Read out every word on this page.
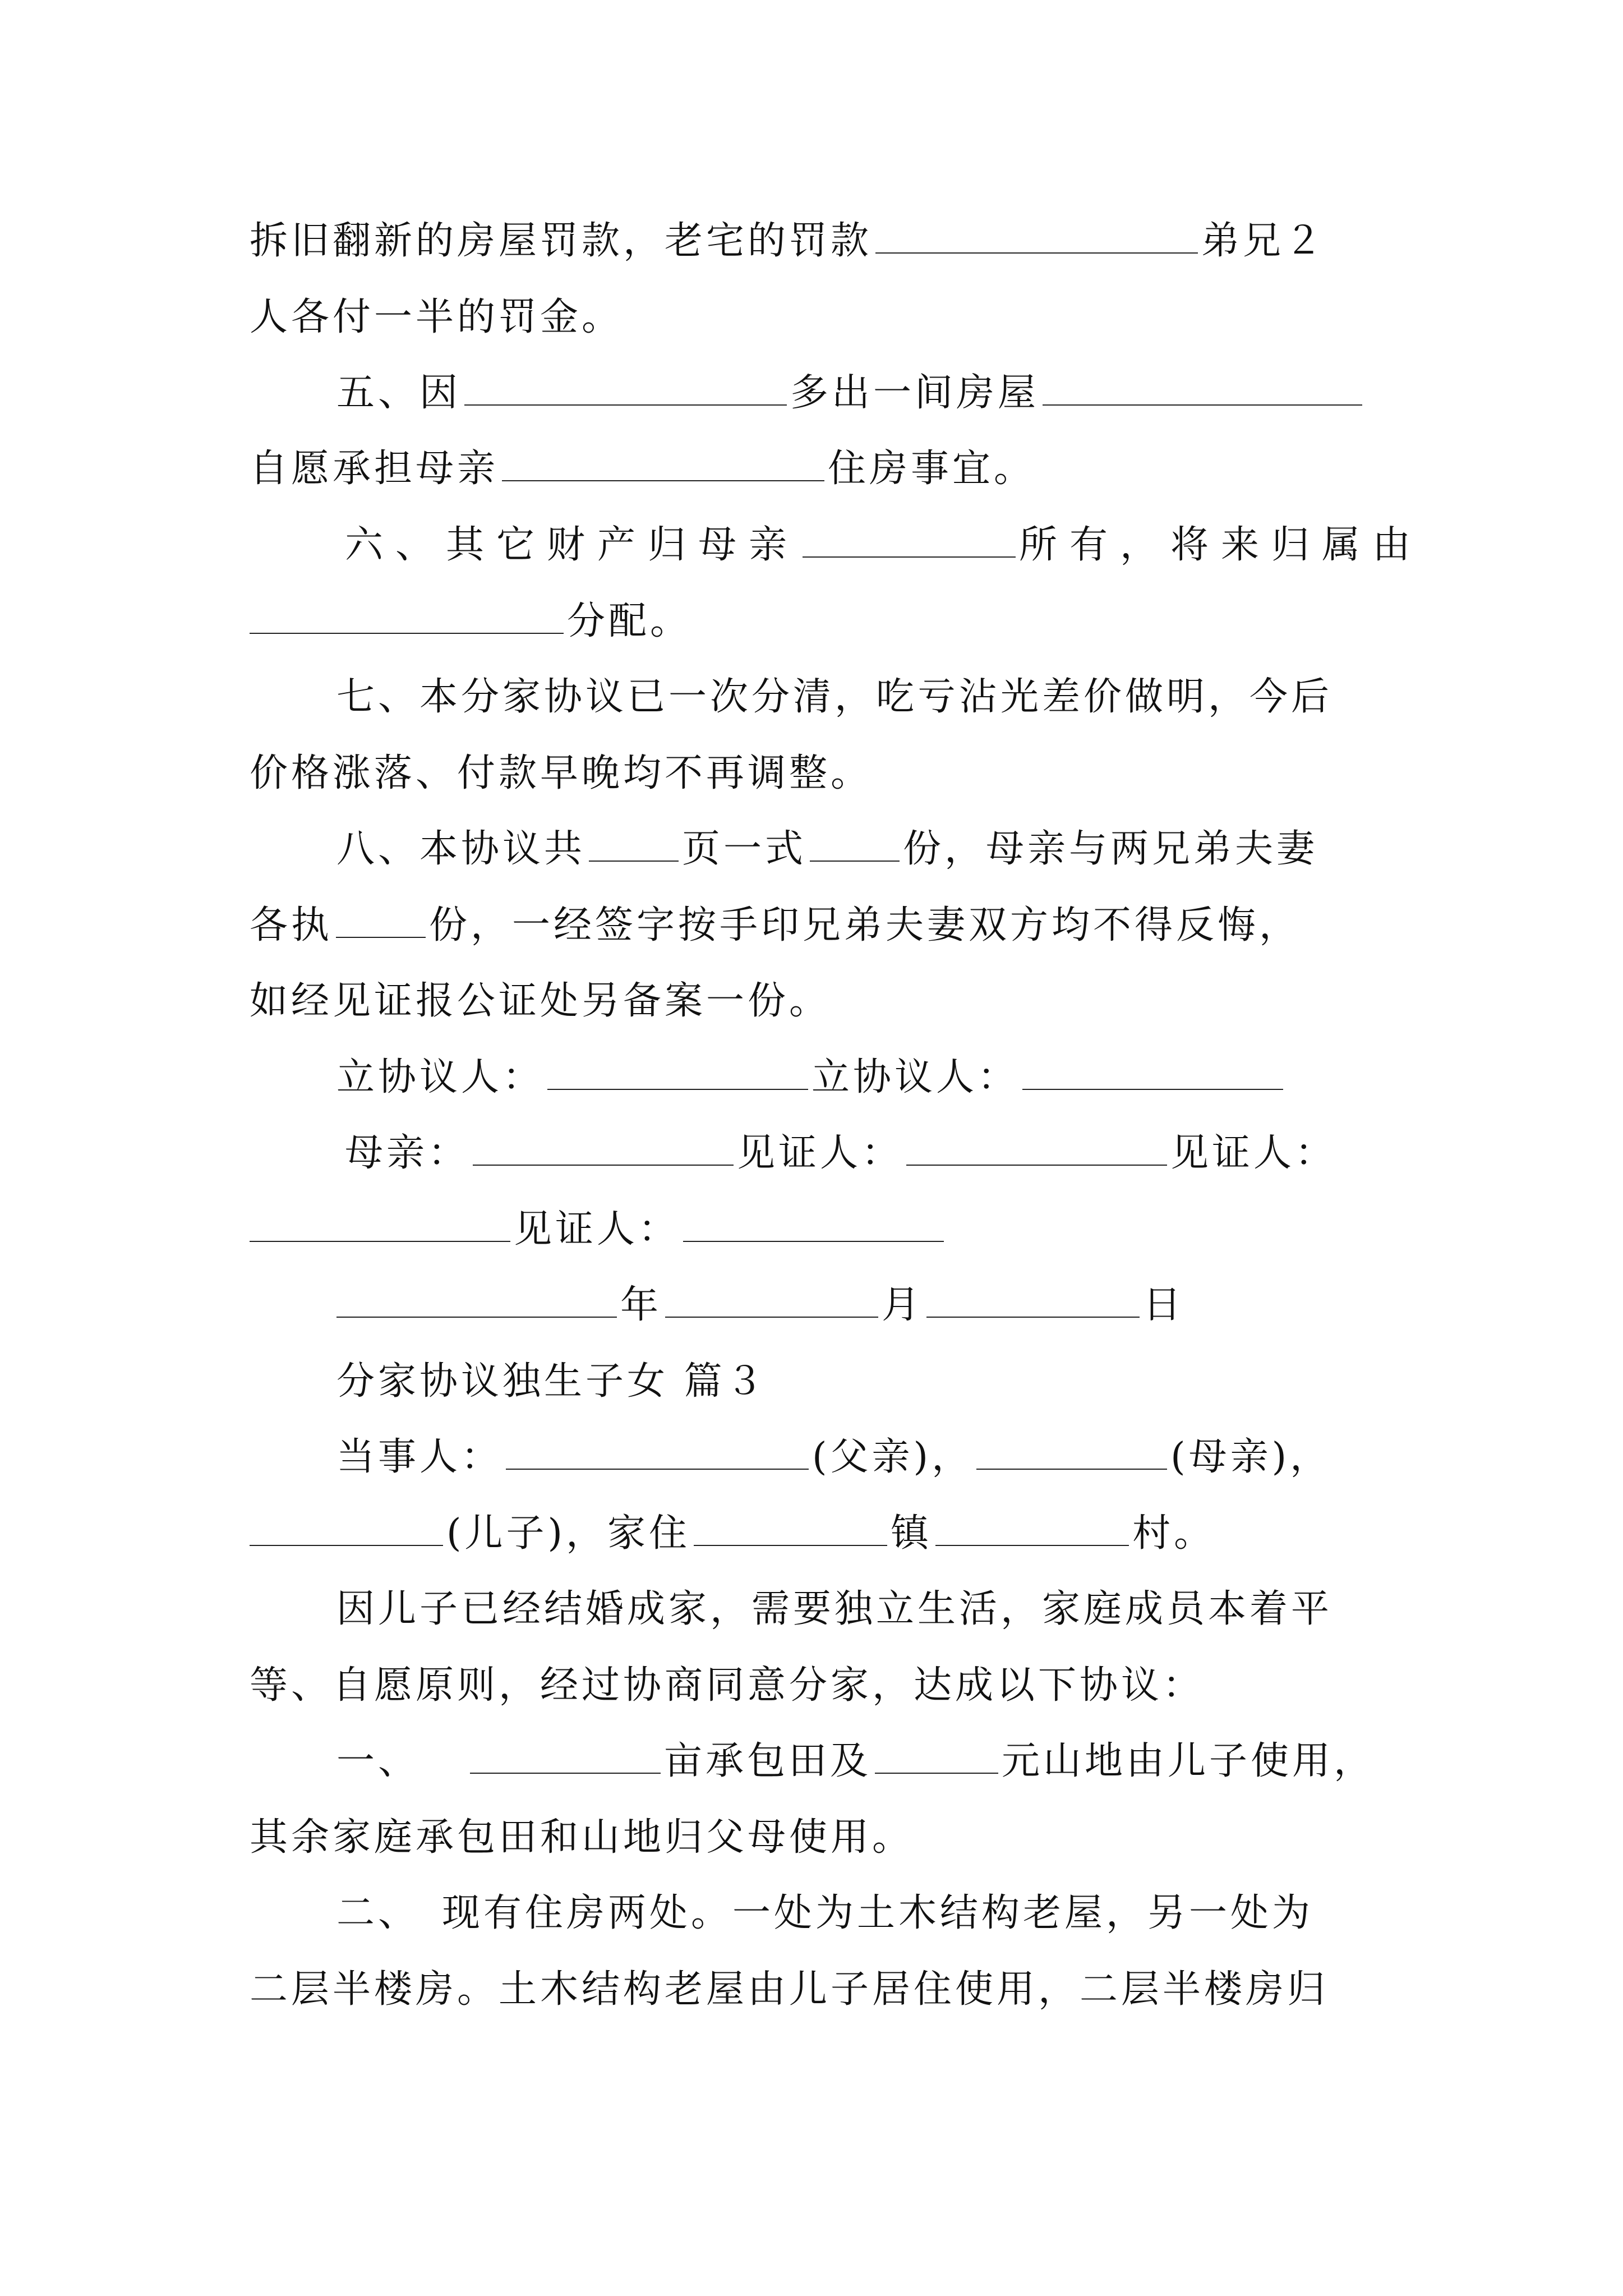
拆旧翻新的房屋罚款，老宅的罚款	弟兄２
人各付一半的罚金。
五、因	多出一间房屋
自愿承担母亲	住房事宜。
六、其它财产归母亲	所有，将来归属由
分配。
七、本分家协议已一次分清，吃亏沾光差价做明，今后
价格涨落、付款早晚均不再调整。
八、本协议共	页一式	份，母亲与两兄弟夫妻
各执	份，一经签字按手印兄弟夫妻双方均不得反悔，
如经见证报公证处另备案一份。
立协议人：	立协议人：
母亲：	见证人：	见证人：
见证人：
年	月	日
分家协议独生子女 篇３
当事人：	(父亲)，	(母亲)，
(儿子)，家住	镇	村。
因儿子已经结婚成家，需要独立生活，家庭成员本着平
等、自愿原则，经过协商同意分家，达成以下协议：
一、	亩承包田及	元山地由儿子使用，
其余家庭承包田和山地归父母使用。
二、　现有住房两处。一处为土木结构老屋，另一处为
二层半楼房。土木结构老屋由儿子居住使用，二层半楼房归
